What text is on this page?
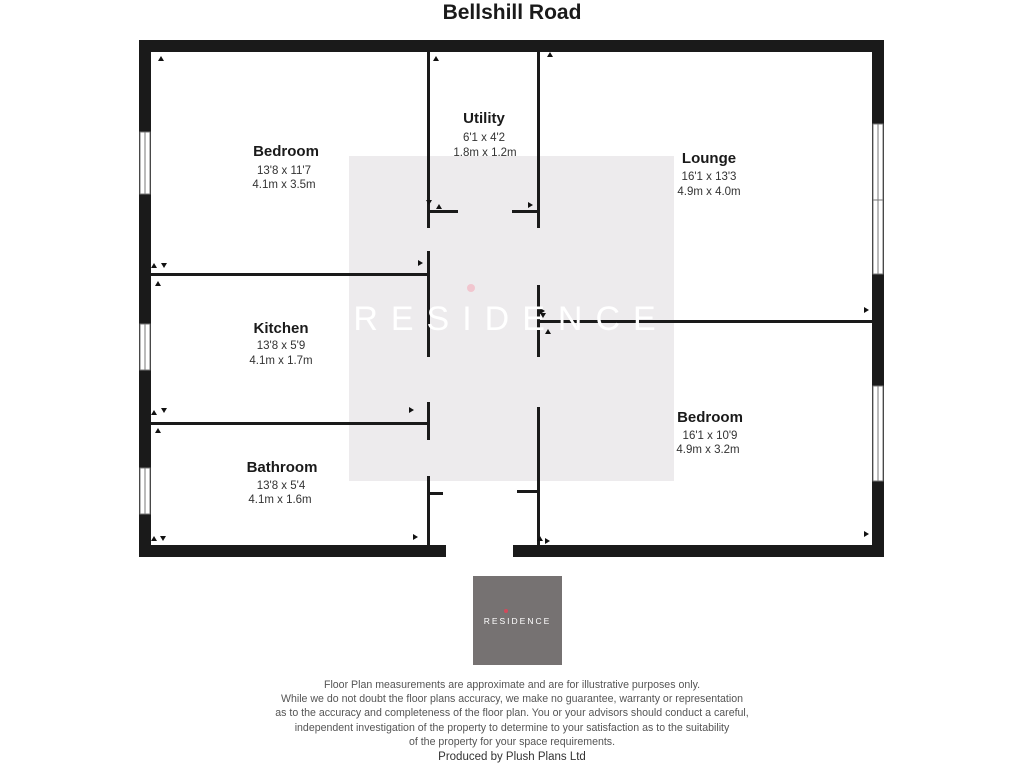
Bellshill Road
RESIDENCE
Bedroom
13'8 x 11'7
4.1m x 3.5m
Utility
6'1 x 4'2
1.8m x 1.2m	Lounge
16'1 x 13'3
4.9m x 4.0m
Kitchen
13'8 x 5'9
4.1m x 1.7m
Bedroom
16'1 x 10'9
4.9m x 3.2m
Bathroom
13'8 x 5'4
4.1m x 1.6m
RESIDENCE
Floor Plan measurements are approximate and are for illustrative purposes only.
While we do not doubt the floor plans accuracy, we make no guarantee, warranty or representation
as to the accuracy and completeness of the floor plan. You or your advisors should conduct a careful,
independent investigation of the property to determine to your satisfaction as to the suitability
of the property for your space requirements.
Produced by Plush Plans Ltd
